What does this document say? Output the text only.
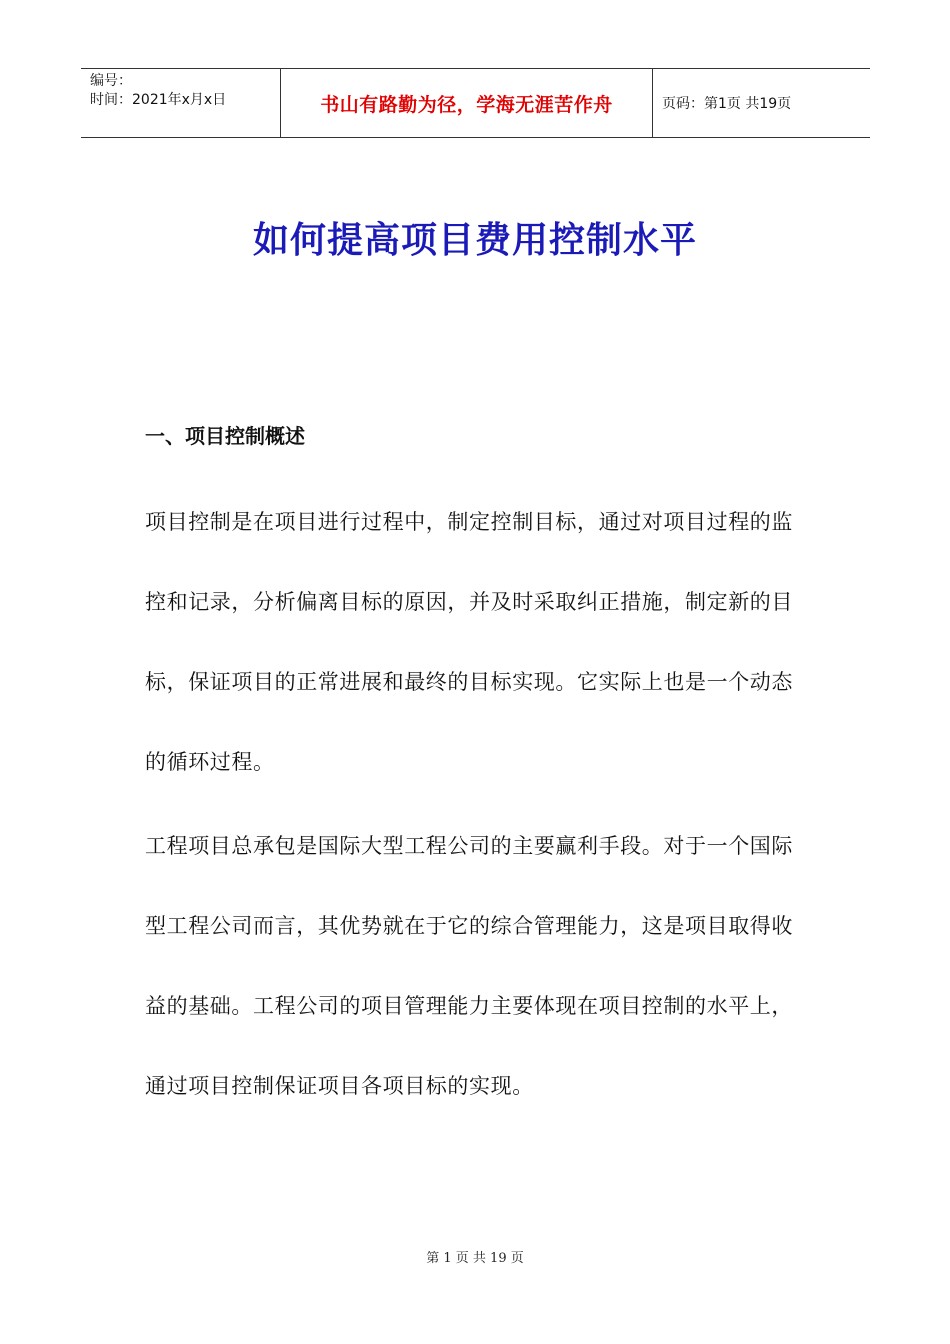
编号：
时间：2021年x月x日	书山有路勤为径，学海无涯苦作舟	页码：第1页 共19页
如何提高项目费用控制水平
一、项目控制概述
项目控制是在项目进行过程中，制定控制目标，通过对项目过程的监控和记录，分析偏离目标的原因，并及时采取纠正措施，制定新的目标，保证项目的正常进展和最终的目标实现。它实际上也是一个动态的循环过程。
工程项目总承包是国际大型工程公司的主要赢利手段。对于一个国际型工程公司而言，其优势就在于它的综合管理能力，这是项目取得收益的基础。工程公司的项目管理能力主要体现在项目控制的水平上，通过项目控制保证项目各项目标的实现。
第 1 页 共 19 页
